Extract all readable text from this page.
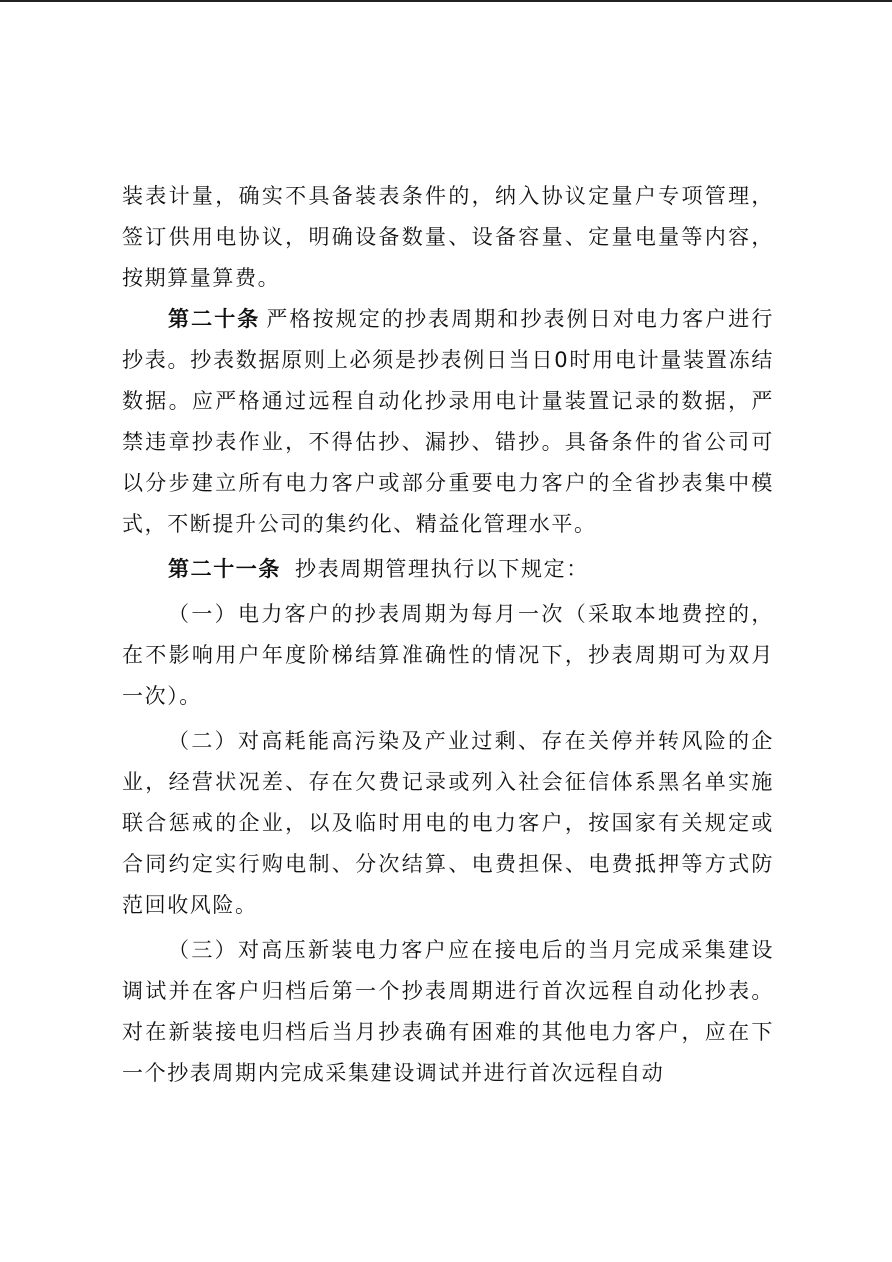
装表计量，确实不具备装表条件的，纳入协议定量户专项管理，签订供用电协议，明确设备数量、设备容量、定量电量等内容，按期算量算费。

第二十条 严格按规定的抄表周期和抄表例日对电力客户进行抄表。抄表数据原则上必须是抄表例日当日0时用电计量装置冻结数据。应严格通过远程自动化抄录用电计量装置记录的数据，严禁违章抄表作业，不得估抄、漏抄、错抄。具备条件的省公司可以分步建立所有电力客户或部分重要电力客户的全省抄表集中模式，不断提升公司的集约化、精益化管理水平。

第二十一条 抄表周期管理执行以下规定：

（一）电力客户的抄表周期为每月一次（采取本地费控的，在不影响用户年度阶梯结算准确性的情况下，抄表周期可为双月一次）。

（二）对高耗能高污染及产业过剩、存在关停并转风险的企业，经营状况差、存在欠费记录或列入社会征信体系黑名单实施联合惩戒的企业，以及临时用电的电力客户，按国家有关规定或合同约定实行购电制、分次结算、电费担保、电费抵押等方式防范回收风险。

（三）对高压新装电力客户应在接电后的当月完成采集建设调试并在客户归档后第一个抄表周期进行首次远程自动化抄表。对在新装接电归档后当月抄表确有困难的其他电力客户，应在下一个抄表周期内完成采集建设调试并进行首次远程自动
